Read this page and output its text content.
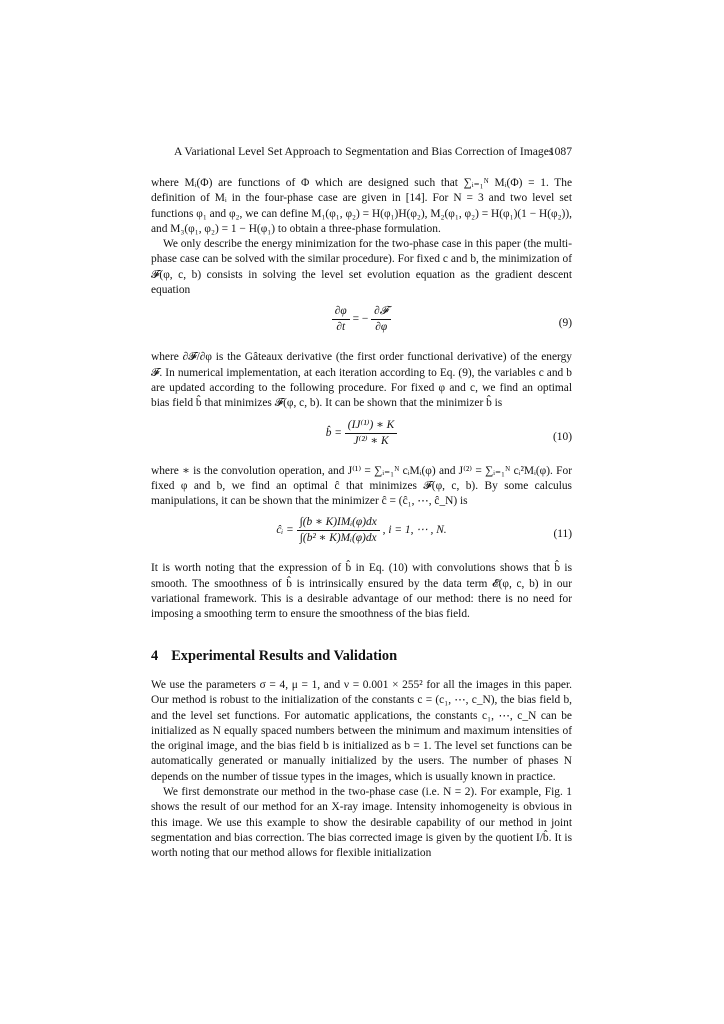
A Variational Level Set Approach to Segmentation and Bias Correction of Images
1087

where Mᵢ(Φ) are functions of Φ which are designed such that ∑ᵢ₌₁ᴺ Mᵢ(Φ) = 1. The definition of Mᵢ in the four-phase case are given in [14]. For N = 3 and two level set functions φ₁ and φ₂, we can define M₁(φ₁, φ₂) = H(φ₁)H(φ₂), M₂(φ₁, φ₂) = H(φ₁)(1 − H(φ₂)), and M₃(φ₁, φ₂) = 1 − H(φ₁) to obtain a three-phase formulation.

We only describe the energy minimization for the two-phase case in this paper (the multi-phase case can be solved with the similar procedure). For fixed c and b, the minimization of 𝓕(φ, c, b) consists in solving the level set evolution equation as the gradient descent equation

$\frac{\partial\varphi}{\partial t}$ = − $\frac{\text{∂𝓕}}{\partial\varphi}$	(9)

where ∂𝓕/∂φ is the Gâteaux derivative (the first order functional derivative) of the energy 𝓕. In numerical implementation, at each iteration according to Eq. (9), the variables c and b are updated according to the following procedure. For fixed φ and c, we find an optimal bias field b̂ that minimizes 𝓕(φ, c, b). It can be shown that the minimizer b̂ is

b̂ = $\frac{\text{(IJ⁽¹⁾) ∗ K}}{\text{J⁽²⁾ ∗ K}}$	(10)

where ∗ is the convolution operation, and J⁽¹⁾ = ∑ᵢ₌₁ᴺ cᵢMᵢ(φ) and J⁽²⁾ = ∑ᵢ₌₁ᴺ cᵢ²Mᵢ(φ). For fixed φ and b, we find an optimal ĉ that minimizes 𝓕(φ, c, b). By some calculus manipulations, it can be shown that the minimizer ĉ = (ĉ₁, ⋯, ĉ_N) is

ĉᵢ = $\frac{\text{∫(b ∗ K)IMᵢ(φ)dx}}{\text{∫(b² ∗ K)Mᵢ(φ)dx}}$ , i = 1, ⋯ , N.	(11)

It is worth noting that the expression of b̂ in Eq. (10) with convolutions shows that b̂ is smooth. The smoothness of b̂ is intrinsically ensured by the data term 𝓔(φ, c, b) in our variational framework. This is a desirable advantage of our method: there is no need for imposing a smoothing term to ensure the smoothness of the bias field.

4 Experimental Results and Validation

We use the parameters σ = 4, μ = 1, and ν = 0.001 × 255² for all the images in this paper. Our method is robust to the initialization of the constants c = (c₁, ⋯, c_N), the bias field b, and the level set functions. For automatic applications, the constants c₁, ⋯, c_N can be initialized as N equally spaced numbers between the minimum and maximum intensities of the original image, and the bias field b is initialized as b = 1. The level set functions can be automatically generated or manually initialized by the users. The number of phases N depends on the number of tissue types in the images, which is usually known in practice.

We first demonstrate our method in the two-phase case (i.e. N = 2). For example, Fig. 1 shows the result of our method for an X-ray image. Intensity inhomogeneity is obvious in this image. We use this example to show the desirable capability of our method in joint segmentation and bias correction. The bias corrected image is given by the quotient I/b̂. It is worth noting that our method allows for flexible initialization
